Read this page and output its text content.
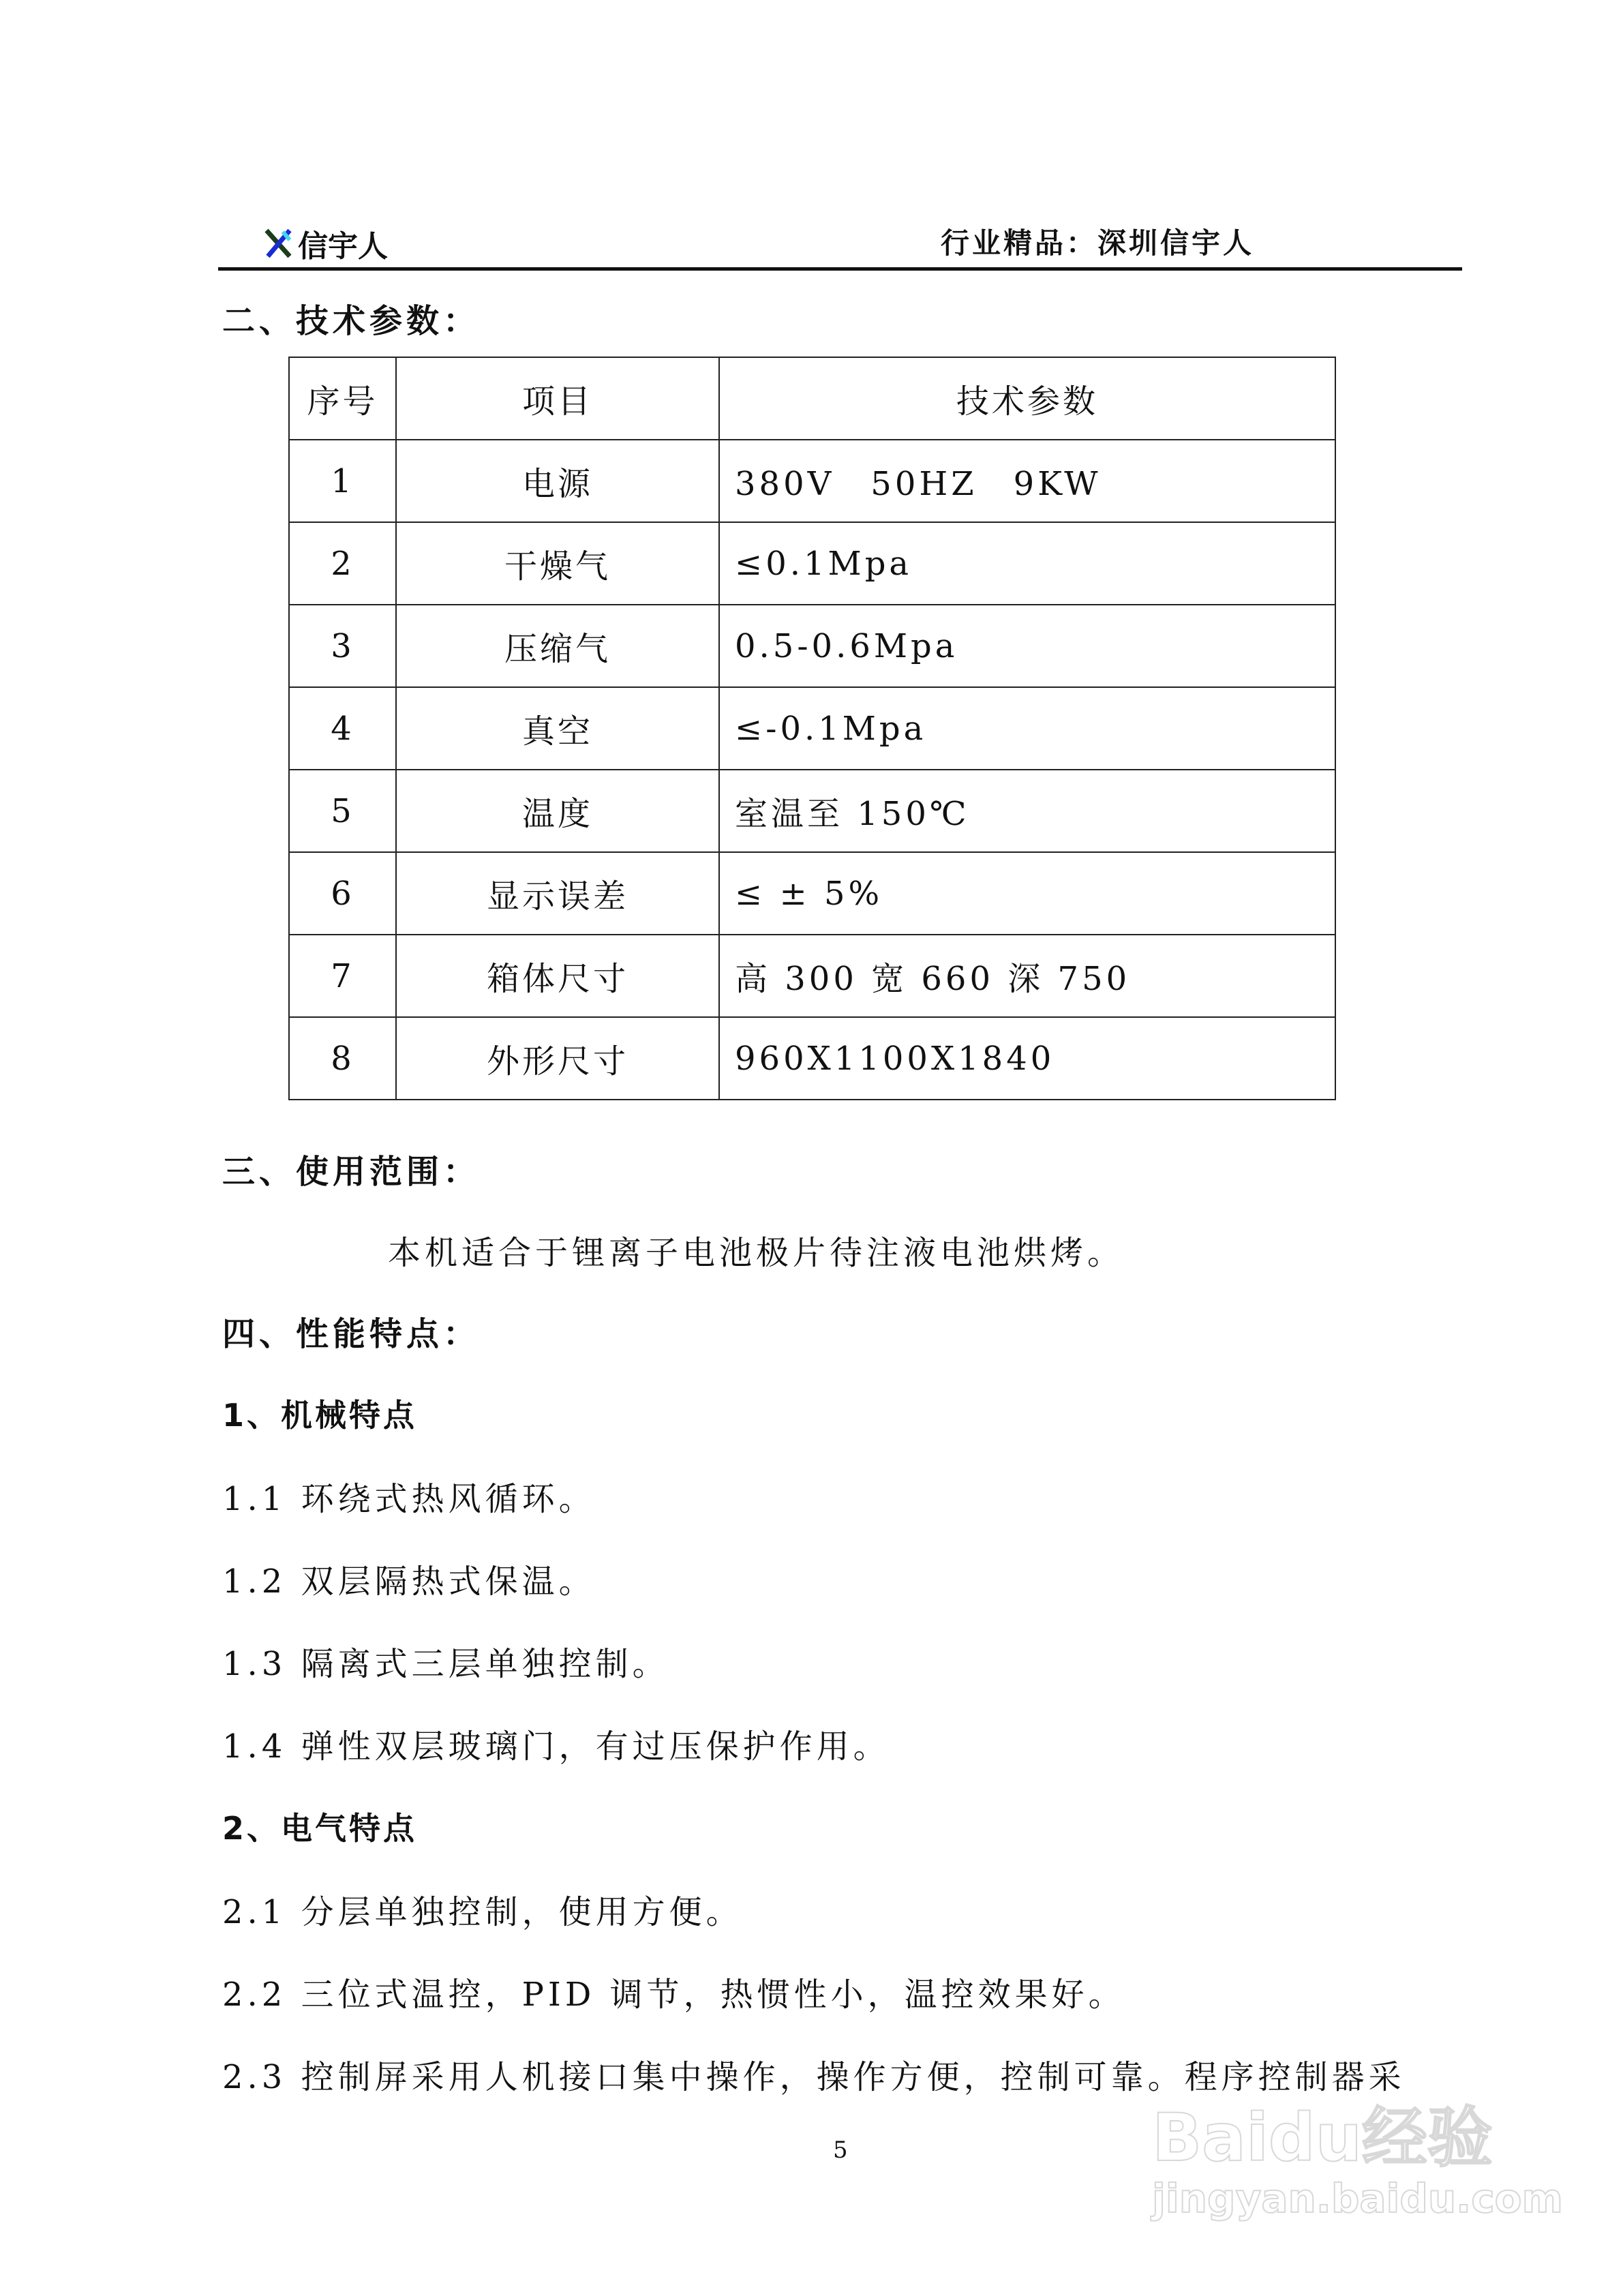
信宇人	行业精品：深圳信宇人
二、技术参数：
序号	项目	技术参数
1	电源	380V　50HZ　9KW
2	干燥气	≤0.1Mpa
3	压缩气	0.5-0.6Mpa
4	真空	≤-0.1Mpa
5	温度	室温至 150℃
6	显示误差	≤ ± 5%
7	箱体尺寸	高 300 宽 660 深 750
8	外形尺寸	960X1100X1840
三、使用范围：
本机适合于锂离子电池极片待注液电池烘烤。
四、性能特点：
1、机械特点
1.1 环绕式热风循环。
1.2 双层隔热式保温。
1.3 隔离式三层单独控制。
1.4 弹性双层玻璃门，有过压保护作用。
2、电气特点
2.1 分层单独控制，使用方便。
2.2 三位式温控，PID 调节，热惯性小，温控效果好。
2.3 控制屏采用人机接口集中操作，操作方便，控制可靠。程序控制器采
5	Baidu经验
jingyan.baidu.com
